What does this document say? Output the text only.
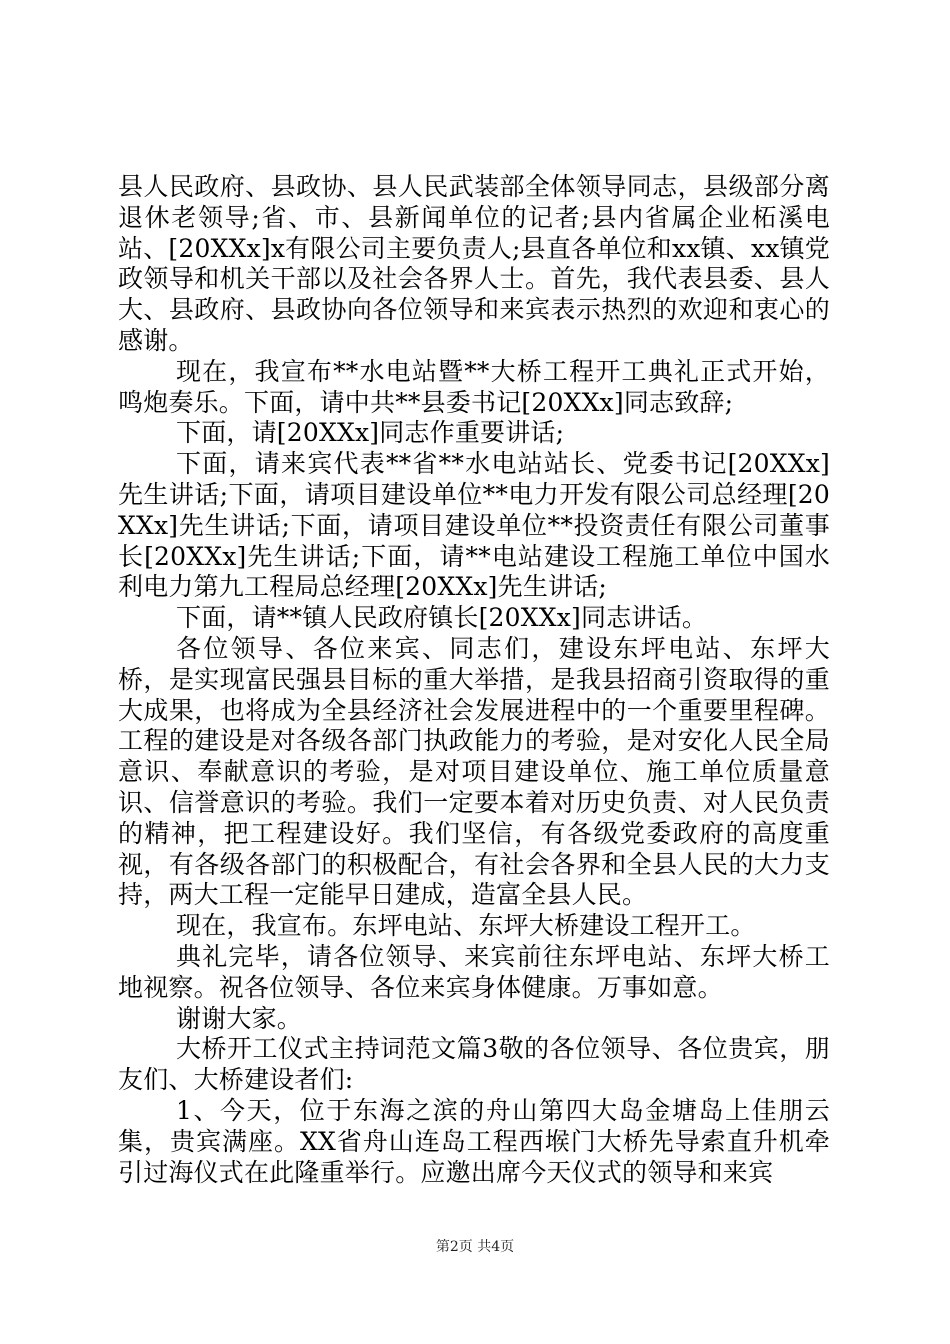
县人民政府、县政协、县人民武装部全体领导同志，县级部分离退休老领导;省、市、县新闻单位的记者;县内省属企业柘溪电站、[20XXx]x有限公司主要负责人;县直各单位和xx镇、xx镇党政领导和机关干部以及社会各界人士。首先，我代表县委、县人大、县政府、县政协向各位领导和来宾表示热烈的欢迎和衷心的感谢。

现在，我宣布**水电站暨**大桥工程开工典礼正式开始，鸣炮奏乐。下面，请中共**县委书记[20XXx]同志致辞;

下面，请[20XXx]同志作重要讲话;

下面，请来宾代表**省**水电站站长、党委书记[20XXx]先生讲话;下面，请项目建设单位**电力开发有限公司总经理[20XXx]先生讲话;下面，请项目建设单位**投资责任有限公司董事长[20XXx]先生讲话;下面，请**电站建设工程施工单位中国水利电力第九工程局总经理[20XXx]先生讲话;

下面，请**镇人民政府镇长[20XXx]同志讲话。

各位领导、各位来宾、同志们，建设东坪电站、东坪大桥，是实现富民强县目标的重大举措，是我县招商引资取得的重大成果，也将成为全县经济社会发展进程中的一个重要里程碑。工程的建设是对各级各部门执政能力的考验，是对安化人民全局意识、奉献意识的考验，是对项目建设单位、施工单位质量意识、信誉意识的考验。我们一定要本着对历史负责、对人民负责的精神，把工程建设好。我们坚信，有各级党委政府的高度重视，有各级各部门的积极配合，有社会各界和全县人民的大力支持，两大工程一定能早日建成，造富全县人民。

现在，我宣布。东坪电站、东坪大桥建设工程开工。

典礼完毕，请各位领导、来宾前往东坪电站、东坪大桥工地视察。祝各位领导、各位来宾身体健康。万事如意。

谢谢大家。

大桥开工仪式主持词范文篇3敬的各位领导、各位贵宾，朋友们、大桥建设者们:

1、今天，位于东海之滨的舟山第四大岛金塘岛上佳朋云集，贵宾满座。XX省舟山连岛工程西堠门大桥先导索直升机牵引过海仪式在此隆重举行。应邀出席今天仪式的领导和来宾

第2页 共4页
